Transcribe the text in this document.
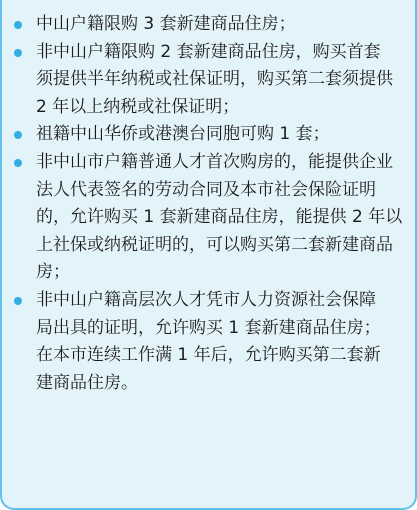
中山户籍限购 3 套新建商品住房；
非中山户籍限购 2 套新建商品住房，购买首套
须提供半年纳税或社保证明，购买第二套须提供
2 年以上纳税或社保证明；
祖籍中山华侨或港澳台同胞可购 1 套；
非中山市户籍普通人才首次购房的，能提供企业
法人代表签名的劳动合同及本市社会保险证明
的，允许购买 1 套新建商品住房，能提供 2 年以
上社保或纳税证明的，可以购买第二套新建商品
房；
非中山户籍高层次人才凭市人力资源社会保障
局出具的证明，允许购买 1 套新建商品住房；
在本市连续工作满 1 年后，允许购买第二套新
建商品住房。
